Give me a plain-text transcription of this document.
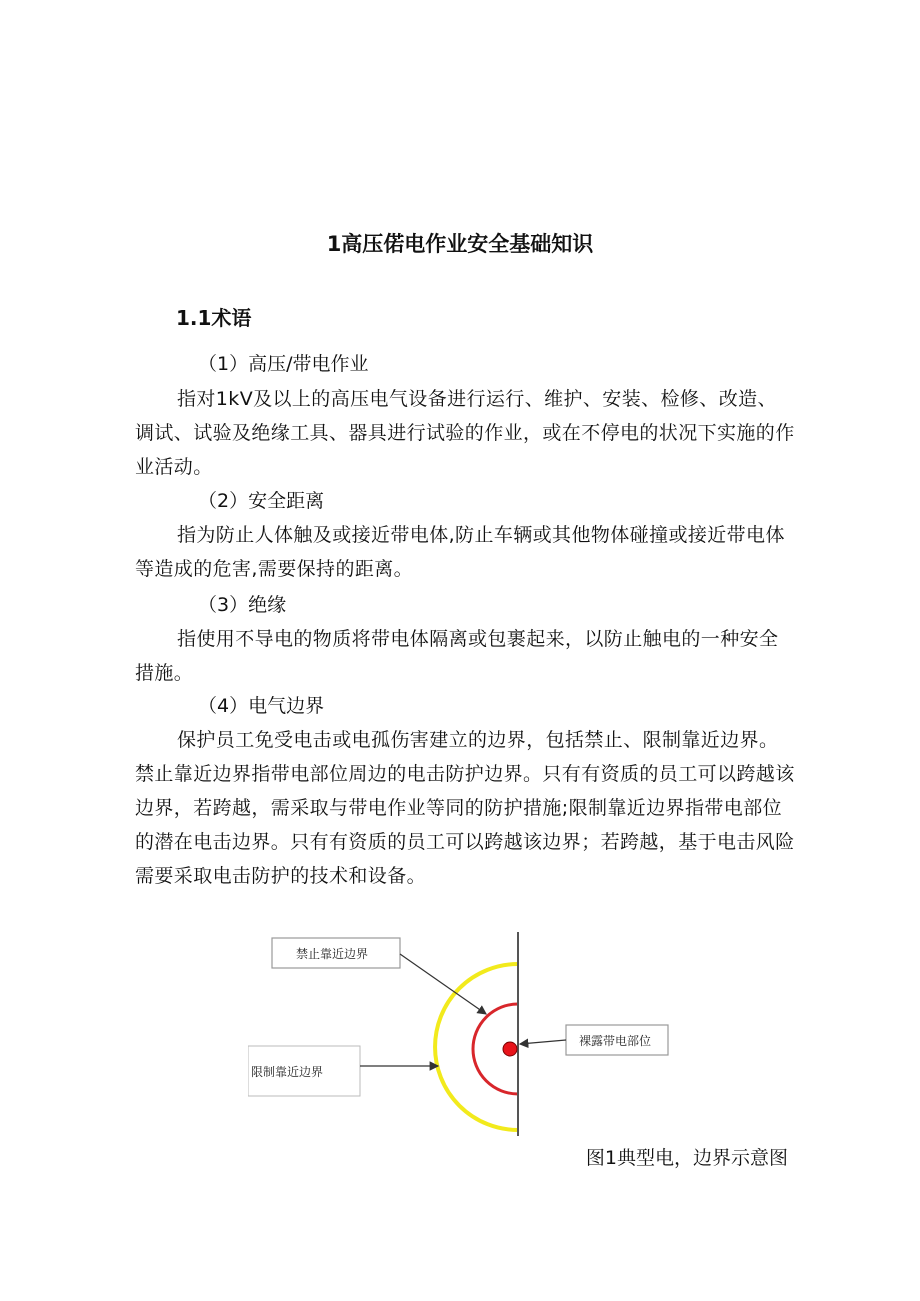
1高压偌电作业安全基础知识
1.1术语
（1）高压/带电作业

指对1kV及以上的高压电气设备进行运行、维护、安装、检修、改造、调试、试验及绝缘工具、器具进行试验的作业，或在不停电的状况下实施的作业活动。

（2）安全距离

指为防止人体触及或接近带电体,防止车辆或其他物体碰撞或接近带电体等造成的危害,需要保持的距离。

（3）绝缘

指使用不导电的物质将带电体隔离或包裹起来，以防止触电的一种安全措施。

（4）电气边界

保护员工免受电击或电孤伤害建立的边界，包括禁止、限制靠近边界。禁止靠近边界指带电部位周边的电击防护边界。只有有资质的员工可以跨越该边界，若跨越，需采取与带电作业等同的防护措施;限制靠近边界指带电部位的潜在电击边界。只有有资质的员工可以跨越该边界；若跨越，基于电击风险需要采取电击防护的技术和设备。

禁止靠近边界
限制靠近边界
裸露带电部位
图1典型电，边界示意图
